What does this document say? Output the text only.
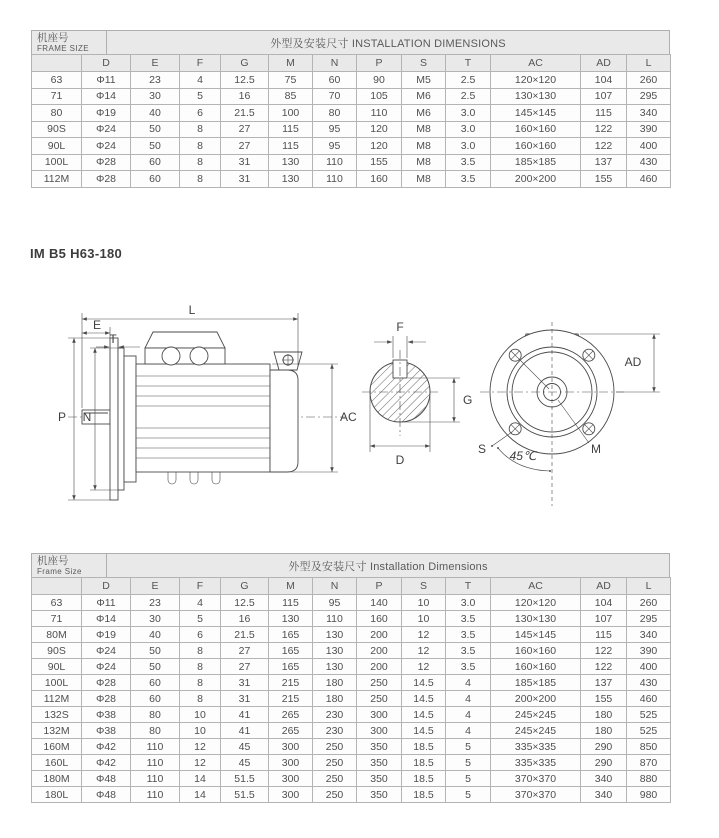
机座号
FRAME SIZE	外型及安装尺寸 INSTALLATION DIMENSIONS
	D	E	F	G	M	N	P	S	T	AC	AD	L
63	Φ11	23	4	12.5	75	60	90	M5	2.5	120×120	104	260
71	Φ14	30	5	16	85	70	105	M6	2.5	130×130	107	295
80	Φ19	40	6	21.5	100	80	110	M6	3.0	145×145	115	340
90S	Φ24	50	8	27	115	95	120	M8	3.0	160×160	122	390
90L	Φ24	50	8	27	115	95	120	M8	3.0	160×160	122	400
100L	Φ28	60	8	31	130	110	155	M8	3.5	185×185	137	430
112M	Φ28	60	8	31	130	110	160	M8	3.5	200×200	155	460
IM B5 H63-180
L
E
T
P N	AC
F
G
D
AD
S	M
45℃
机座号
Frame Size	外型及安装尺寸 Installation Dimensions
	D	E	F	G	M	N	P	S	T	AC	AD	L
63	Φ11	23	4	12.5	115	95	140	10	3.0	120×120	104	260
71	Φ14	30	5	16	130	110	160	10	3.5	130×130	107	295
80M	Φ19	40	6	21.5	165	130	200	12	3.5	145×145	115	340
90S	Φ24	50	8	27	165	130	200	12	3.5	160×160	122	390
90L	Φ24	50	8	27	165	130	200	12	3.5	160×160	122	400
100L	Φ28	60	8	31	215	180	250	14.5	4	185×185	137	430
112M	Φ28	60	8	31	215	180	250	14.5	4	200×200	155	460
132S	Φ38	80	10	41	265	230	300	14.5	4	245×245	180	525
132M	Φ38	80	10	41	265	230	300	14.5	4	245×245	180	525
160M	Φ42	110	12	45	300	250	350	18.5	5	335×335	290	850
160L	Φ42	110	12	45	300	250	350	18.5	5	335×335	290	870
180M	Φ48	110	14	51.5	300	250	350	18.5	5	370×370	340	880
180L	Φ48	110	14	51.5	300	250	350	18.5	5	370×370	340	980
